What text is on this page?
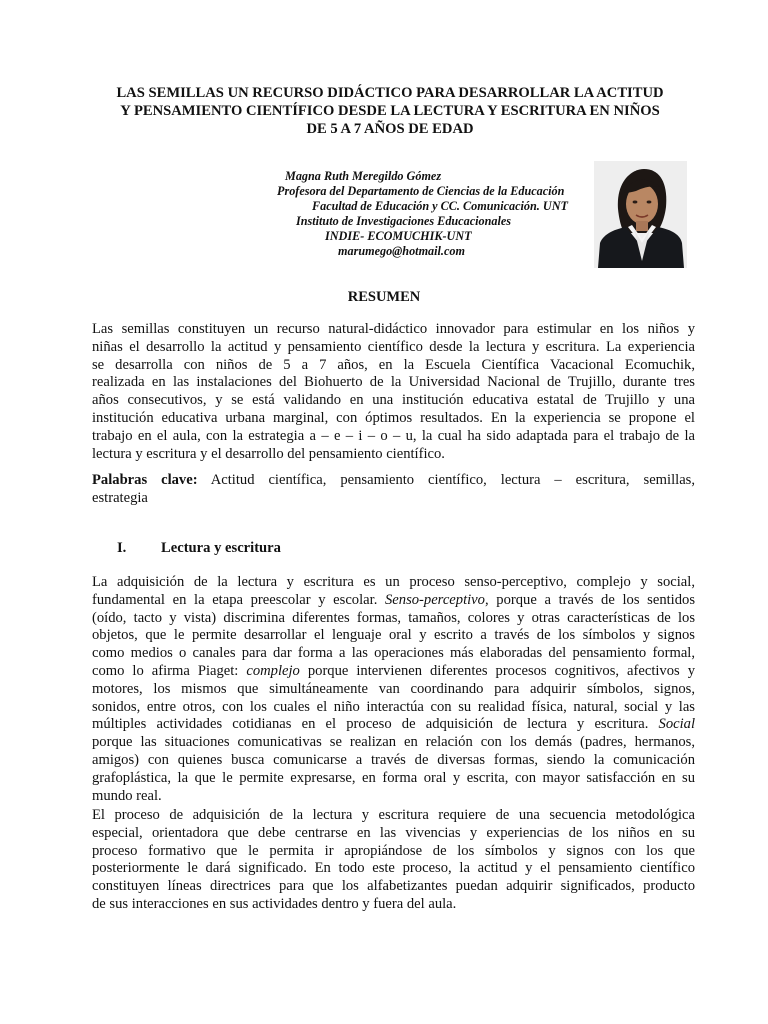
LAS SEMILLAS UN RECURSO DIDÁCTICO PARA DESARROLLAR LA ACTITUD
Y PENSAMIENTO CIENTÍFICO DESDE LA LECTURA Y ESCRITURA EN NIÑOS
DE 5 A 7 AÑOS DE EDAD
Magna Ruth Meregildo Gómez
Profesora del Departamento de Ciencias de la Educación
Facultad de Educación y CC. Comunicación. UNT
Instituto de Investigaciones Educacionales
INDIE- ECOMUCHIK-UNT
marumego@hotmail.com
RESUMEN

Las semillas constituyen un recurso natural-didáctico innovador para estimular en los niños y
niñas el desarrollo la actitud y pensamiento científico desde la lectura y escritura. La experiencia
se desarrolla con niños de 5 a 7 años, en la Escuela Científica Vacacional Ecomuchik,
realizada en las instalaciones del Biohuerto de la Universidad Nacional de Trujillo, durante tres
años consecutivos, y se está validando en una institución educativa estatal de Trujillo y una
institución educativa urbana marginal, con óptimos resultados. En la experiencia se propone el
trabajo en el aula, con la estrategia a – e – i – o – u, la cual ha sido adaptada para el trabajo de la
lectura y escritura y el desarrollo del pensamiento científico.

Palabras clave: Actitud científica, pensamiento científico, lectura – escritura, semillas,
estrategia

I. Lectura y escritura

La adquisición de la lectura y escritura es un proceso senso-perceptivo, complejo y social,
fundamental en la etapa preescolar y escolar. Senso-perceptivo, porque a través de los sentidos
(oído, tacto y vista) discrimina diferentes formas, tamaños, colores y otras características de los
objetos, que le permite desarrollar el lenguaje oral y escrito a través de los símbolos y signos
como medios o canales para dar forma a las operaciones más elaboradas del pensamiento formal,
como lo afirma Piaget: complejo porque intervienen diferentes procesos cognitivos, afectivos y
motores, los mismos que simultáneamente van coordinando para adquirir símbolos, signos,
sonidos, entre otros, con los cuales el niño interactúa con su realidad física, natural, social y las
múltiples actividades cotidianas en el proceso de adquisición de lectura y escritura. Social
porque las situaciones comunicativas se realizan en relación con los demás (padres, hermanos,
amigos) con quienes busca comunicarse a través de diversas formas, siendo la comunicación
grafoplástica, la que le permite expresarse, en forma oral y escrita, con mayor satisfacción en su
mundo real.

El proceso de adquisición de la lectura y escritura requiere de una secuencia metodológica
especial, orientadora que debe centrarse en las vivencias y experiencias de los niños en su
proceso formativo que le permita ir apropiándose de los símbolos y signos con los que
posteriormente le dará significado. En todo este proceso, la actitud y el pensamiento científico
constituyen líneas directrices para que los alfabetizantes puedan adquirir significados, producto
de sus interacciones en sus actividades dentro y fuera del aula.
